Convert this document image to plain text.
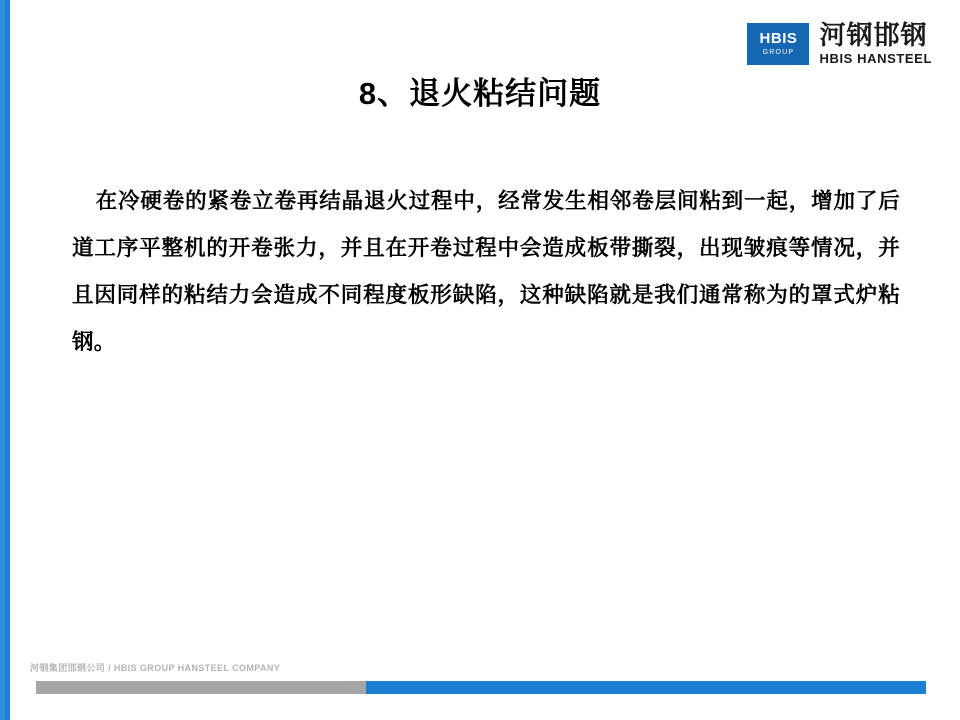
HBIS
GROUP
河钢邯钢
HBIS HANSTEEL
8、退火粘结问题
在冷硬卷的紧卷立卷再结晶退火过程中，经常发生相邻卷层间粘到一起，增加了后道工序平整机的开卷张力，并且在开卷过程中会造成板带撕裂，出现皱痕等情况，并且因同样的粘结力会造成不同程度板形缺陷，这种缺陷就是我们通常称为的罩式炉粘钢。
河钢集团邯钢公司 / HBIS GROUP HANSTEEL COMPANY
